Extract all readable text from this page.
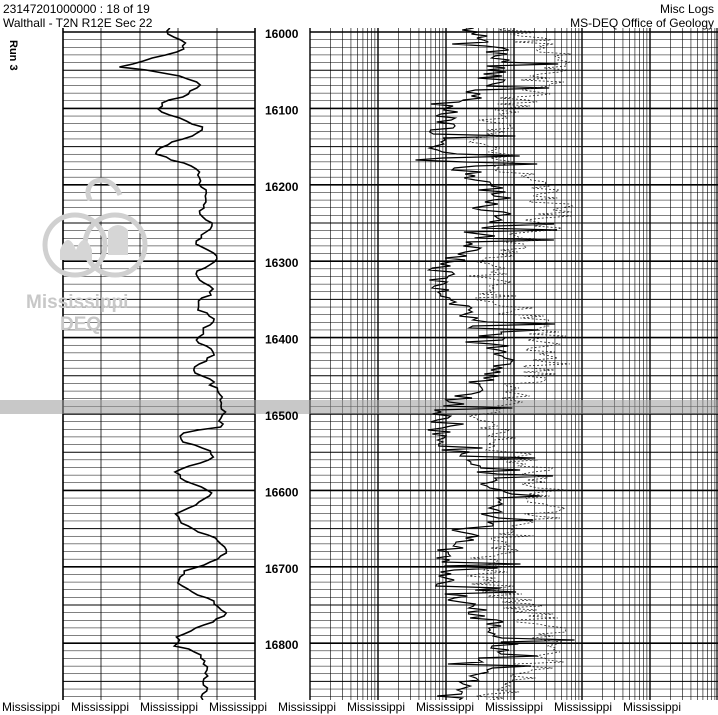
23147201000000 : 18 of 19
Walthall - T2N R12E Sec 22
Misc Logs
MS-DEQ Office of Geology
16000
16100
16200
16300
16400
16500
16600
16700
16800
Run 3
Mississippi
DEQ
Mississippi Mississippi Mississippi Mississippi Mississippi Mississippi Mississippi Mississippi Mississippi Mississippi
